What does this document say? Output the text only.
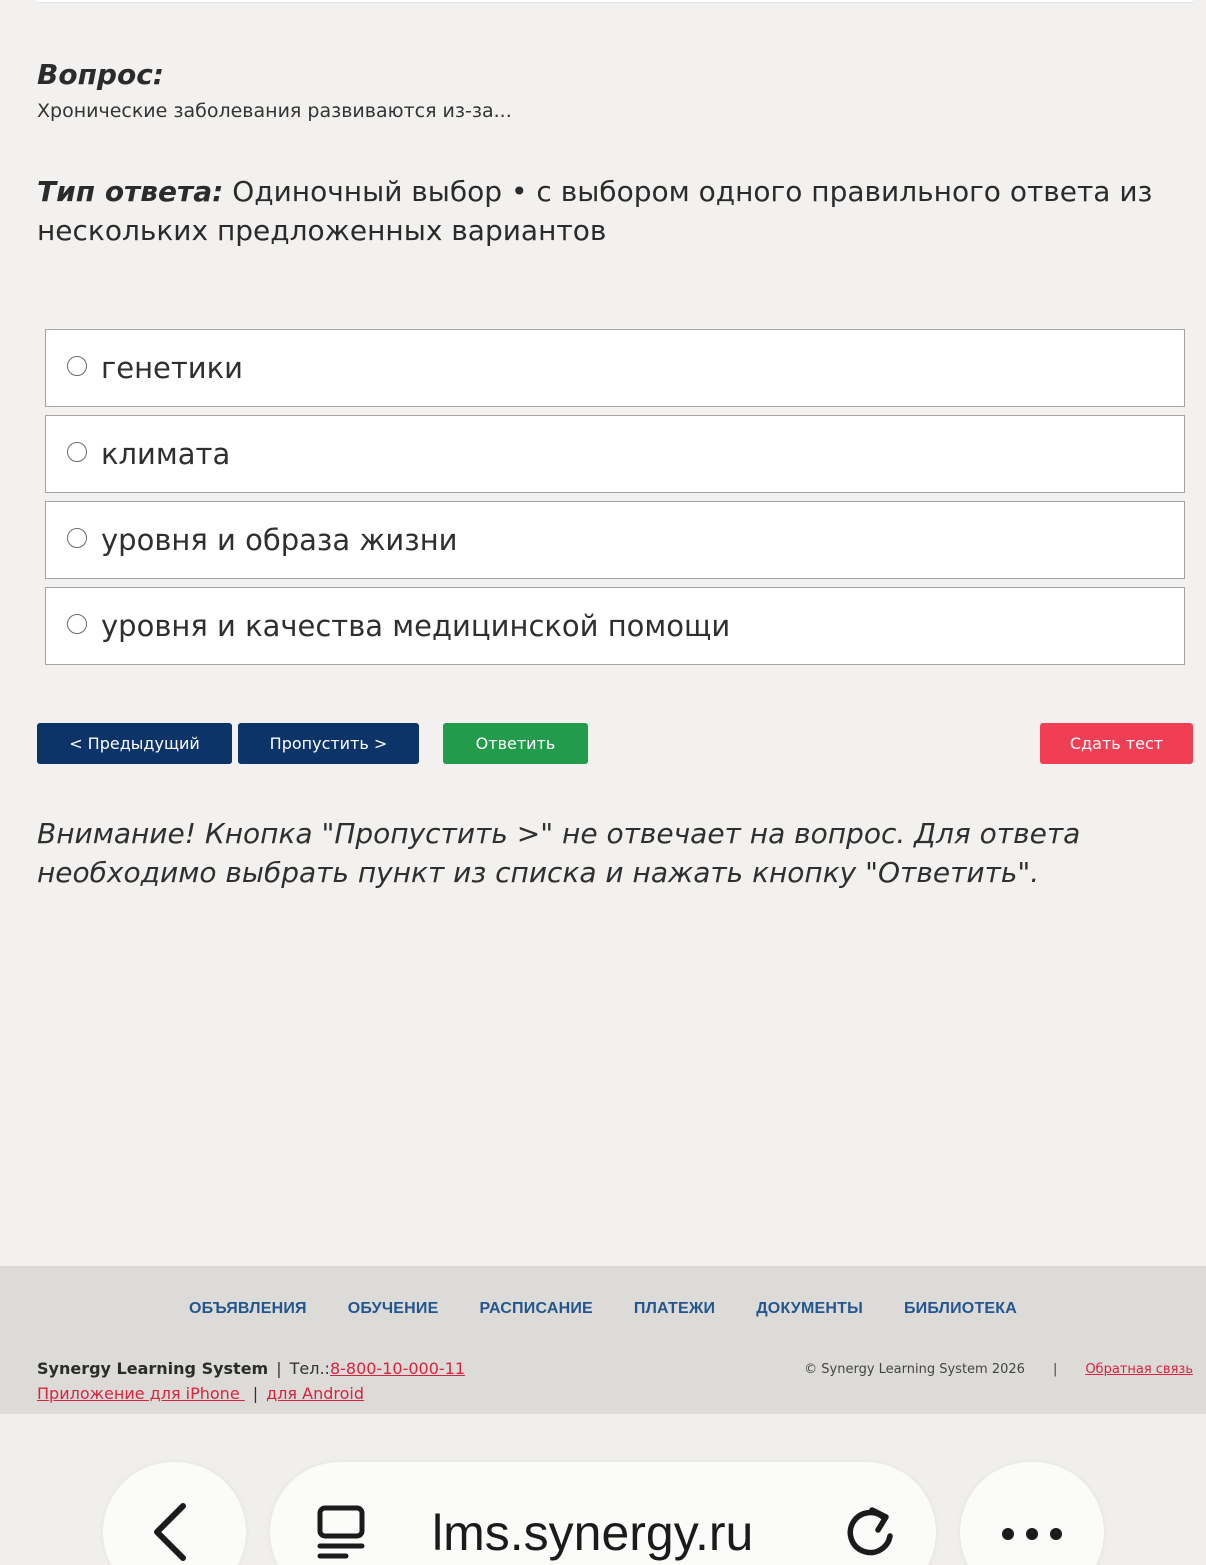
Вопрос:
Хронические заболевания развиваются из-за...
Тип ответа: Одиночный выбор • с выбором одного правильного ответа из нескольких предложенных вариантов
генетики
климата
уровня и образа жизни
уровня и качества медицинской помощи
< Предыдущий	Пропустить >	Ответить	Сдать тест
Внимание! Кнопка "Пропустить >" не отвечает на вопрос. Для ответа необходимо выбрать пункт из списка и нажать кнопку "Ответить".
ОБЪЯВЛЕНИЯ	ОБУЧЕНИЕ	РАСПИСАНИЕ	ПЛАТЕЖИ	ДОКУМЕНТЫ	БИБЛИОТЕКА
Synergy Learning System | Тел.:8-800-10-000-11
Приложение для iPhone | для Android
© Synergy Learning System 2026 | Обратная связь
lms.synergy.ru
